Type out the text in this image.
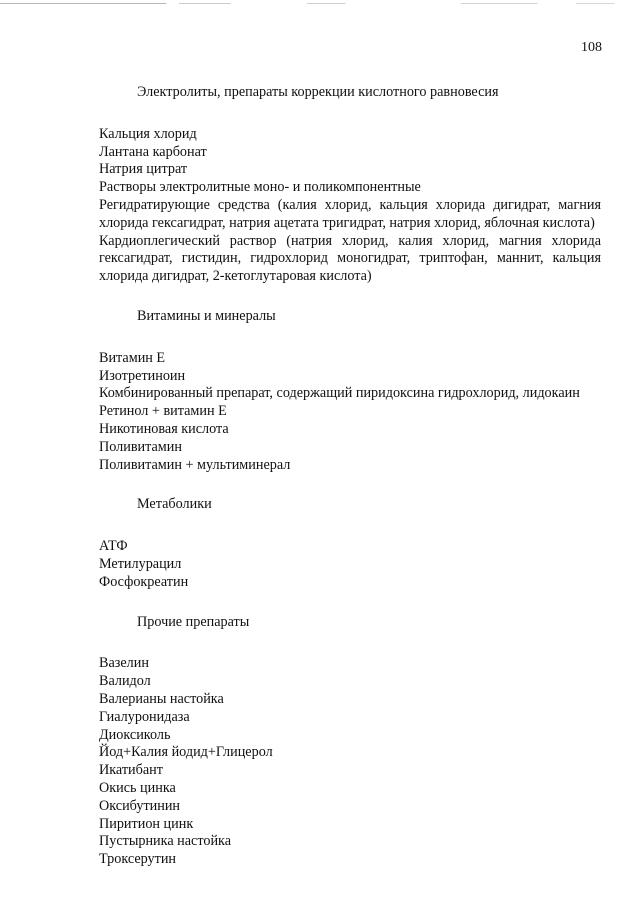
108
Электролиты, препараты коррекции кислотного равновесия

Кальция хлорид

Лантана карбонат

Натрия цитрат

Растворы электролитные моно- и поликомпонентные

Регидратирующие средства (калия хлорид, кальция хлорида дигидрат, магния хлорида гексагидрат, натрия ацетата тригидрат, натрия хлорид, яблочная кислота)

Кардиоплегический раствор (натрия хлорид, калия хлорид, магния хлорида гексагидрат, гистидин, гидрохлорид моногидрат, триптофан, маннит, кальция хлорида дигидрат, 2-кетоглутаровая кислота)

Витамины и минералы

Витамин Е

Изотретиноин

Комбинированный препарат, содержащий пиридоксина гидрохлорид, лидокаин

Ретинол + витамин Е

Никотиновая кислота

Поливитамин

Поливитамин + мультиминерал

Метаболики

АТФ

Метилурацил

Фосфокреатин

Прочие препараты

Вазелин

Валидол

Валерианы настойка

Гиалуронидаза

Диоксиколь

Йод+Калия йодид+Глицерол

Икатибант

Окись цинка

Оксибутинин

Пиритион цинк

Пустырника настойка

Троксерутин
